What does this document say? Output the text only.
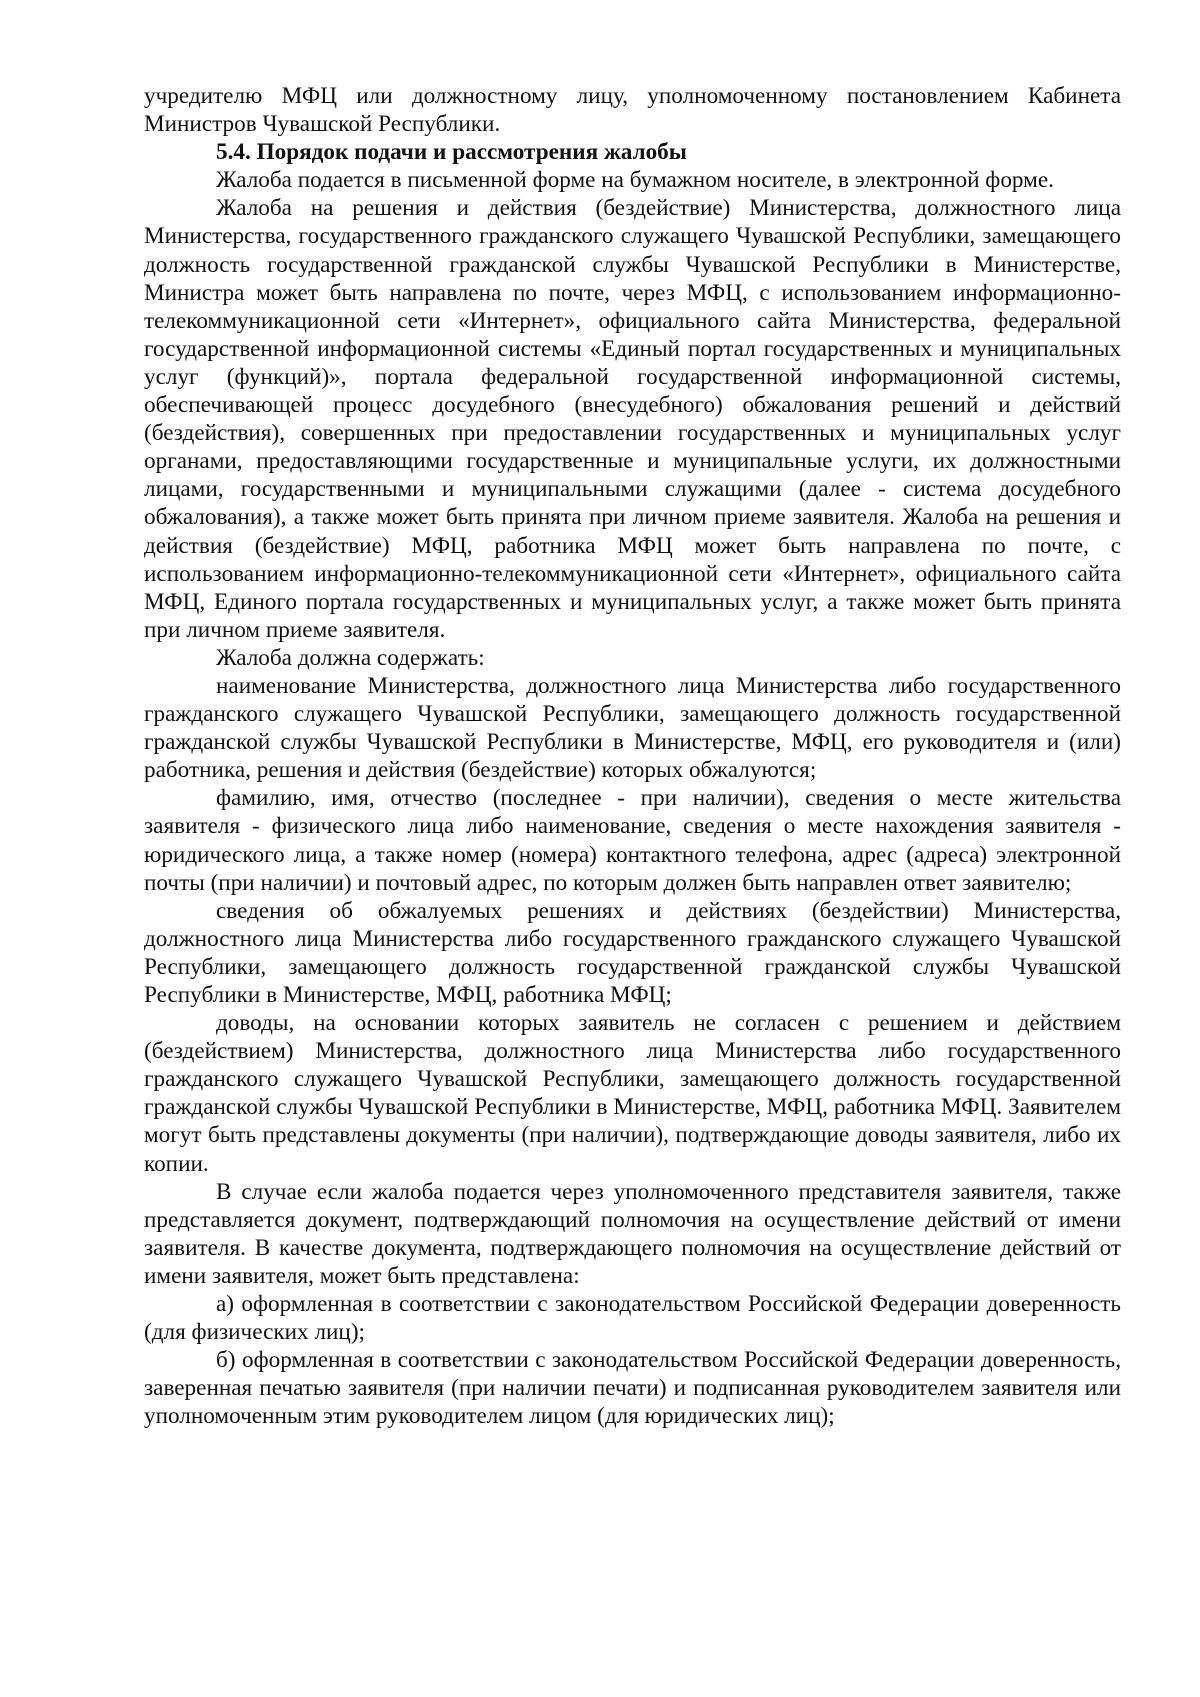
учредителю МФЦ или должностному лицу, уполномоченному постановлением Кабинета Министров Чувашской Республики.

5.4. Порядок подачи и рассмотрения жалобы

Жалоба подается в письменной форме на бумажном носителе, в электронной форме.

Жалоба на решения и действия (бездействие) Министерства, должностного лица Министерства, государственного гражданского служащего Чувашской Республики, замещающего должность государственной гражданской службы Чувашской Республики в Министерстве, Министра может быть направлена по почте, через МФЦ, с использованием информационно-телекоммуникационной сети «Интернет», официального сайта Министерства, федеральной государственной информационной системы «Единый портал государственных и муниципальных услуг (функций)», портала федеральной государственной информационной системы, обеспечивающей процесс досудебного (внесудебного) обжалования решений и действий (бездействия), совершенных при предоставлении государственных и муниципальных услуг органами, предоставляющими государственные и муниципальные услуги, их должностными лицами, государственными и муниципальными служащими (далее - система досудебного обжалования), а также может быть принята при личном приеме заявителя. Жалоба на решения и действия (бездействие) МФЦ, работника МФЦ может быть направлена по почте, с использованием информационно-телекоммуникационной сети «Интернет», официального сайта МФЦ, Единого портала государственных и муниципальных услуг, а также может быть принята при личном приеме заявителя.

Жалоба должна содержать:

наименование Министерства, должностного лица Министерства либо государственного гражданского служащего Чувашской Республики, замещающего должность государственной гражданской службы Чувашской Республики в Министерстве, МФЦ, его руководителя и (или) работника, решения и действия (бездействие) которых обжалуются;

фамилию, имя, отчество (последнее - при наличии), сведения о месте жительства заявителя - физического лица либо наименование, сведения о месте нахождения заявителя - юридического лица, а также номер (номера) контактного телефона, адрес (адреса) электронной почты (при наличии) и почтовый адрес, по которым должен быть направлен ответ заявителю;

сведения об обжалуемых решениях и действиях (бездействии) Министерства, должностного лица Министерства либо государственного гражданского служащего Чувашской Республики, замещающего должность государственной гражданской службы Чувашской Республики в Министерстве, МФЦ, работника МФЦ;

доводы, на основании которых заявитель не согласен с решением и действием (бездействием) Министерства, должностного лица Министерства либо государственного гражданского служащего Чувашской Республики, замещающего должность государственной гражданской службы Чувашской Республики в Министерстве, МФЦ, работника МФЦ. Заявителем могут быть представлены документы (при наличии), подтверждающие доводы заявителя, либо их копии.

В случае если жалоба подается через уполномоченного представителя заявителя, также представляется документ, подтверждающий полномочия на осуществление действий от имени заявителя. В качестве документа, подтверждающего полномочия на осуществление действий от имени заявителя, может быть представлена:

а) оформленная в соответствии с законодательством Российской Федерации доверенность (для физических лиц);

б) оформленная в соответствии с законодательством Российской Федерации доверенность, заверенная печатью заявителя (при наличии печати) и подписанная руководителем заявителя или уполномоченным этим руководителем лицом (для юридических лиц);
